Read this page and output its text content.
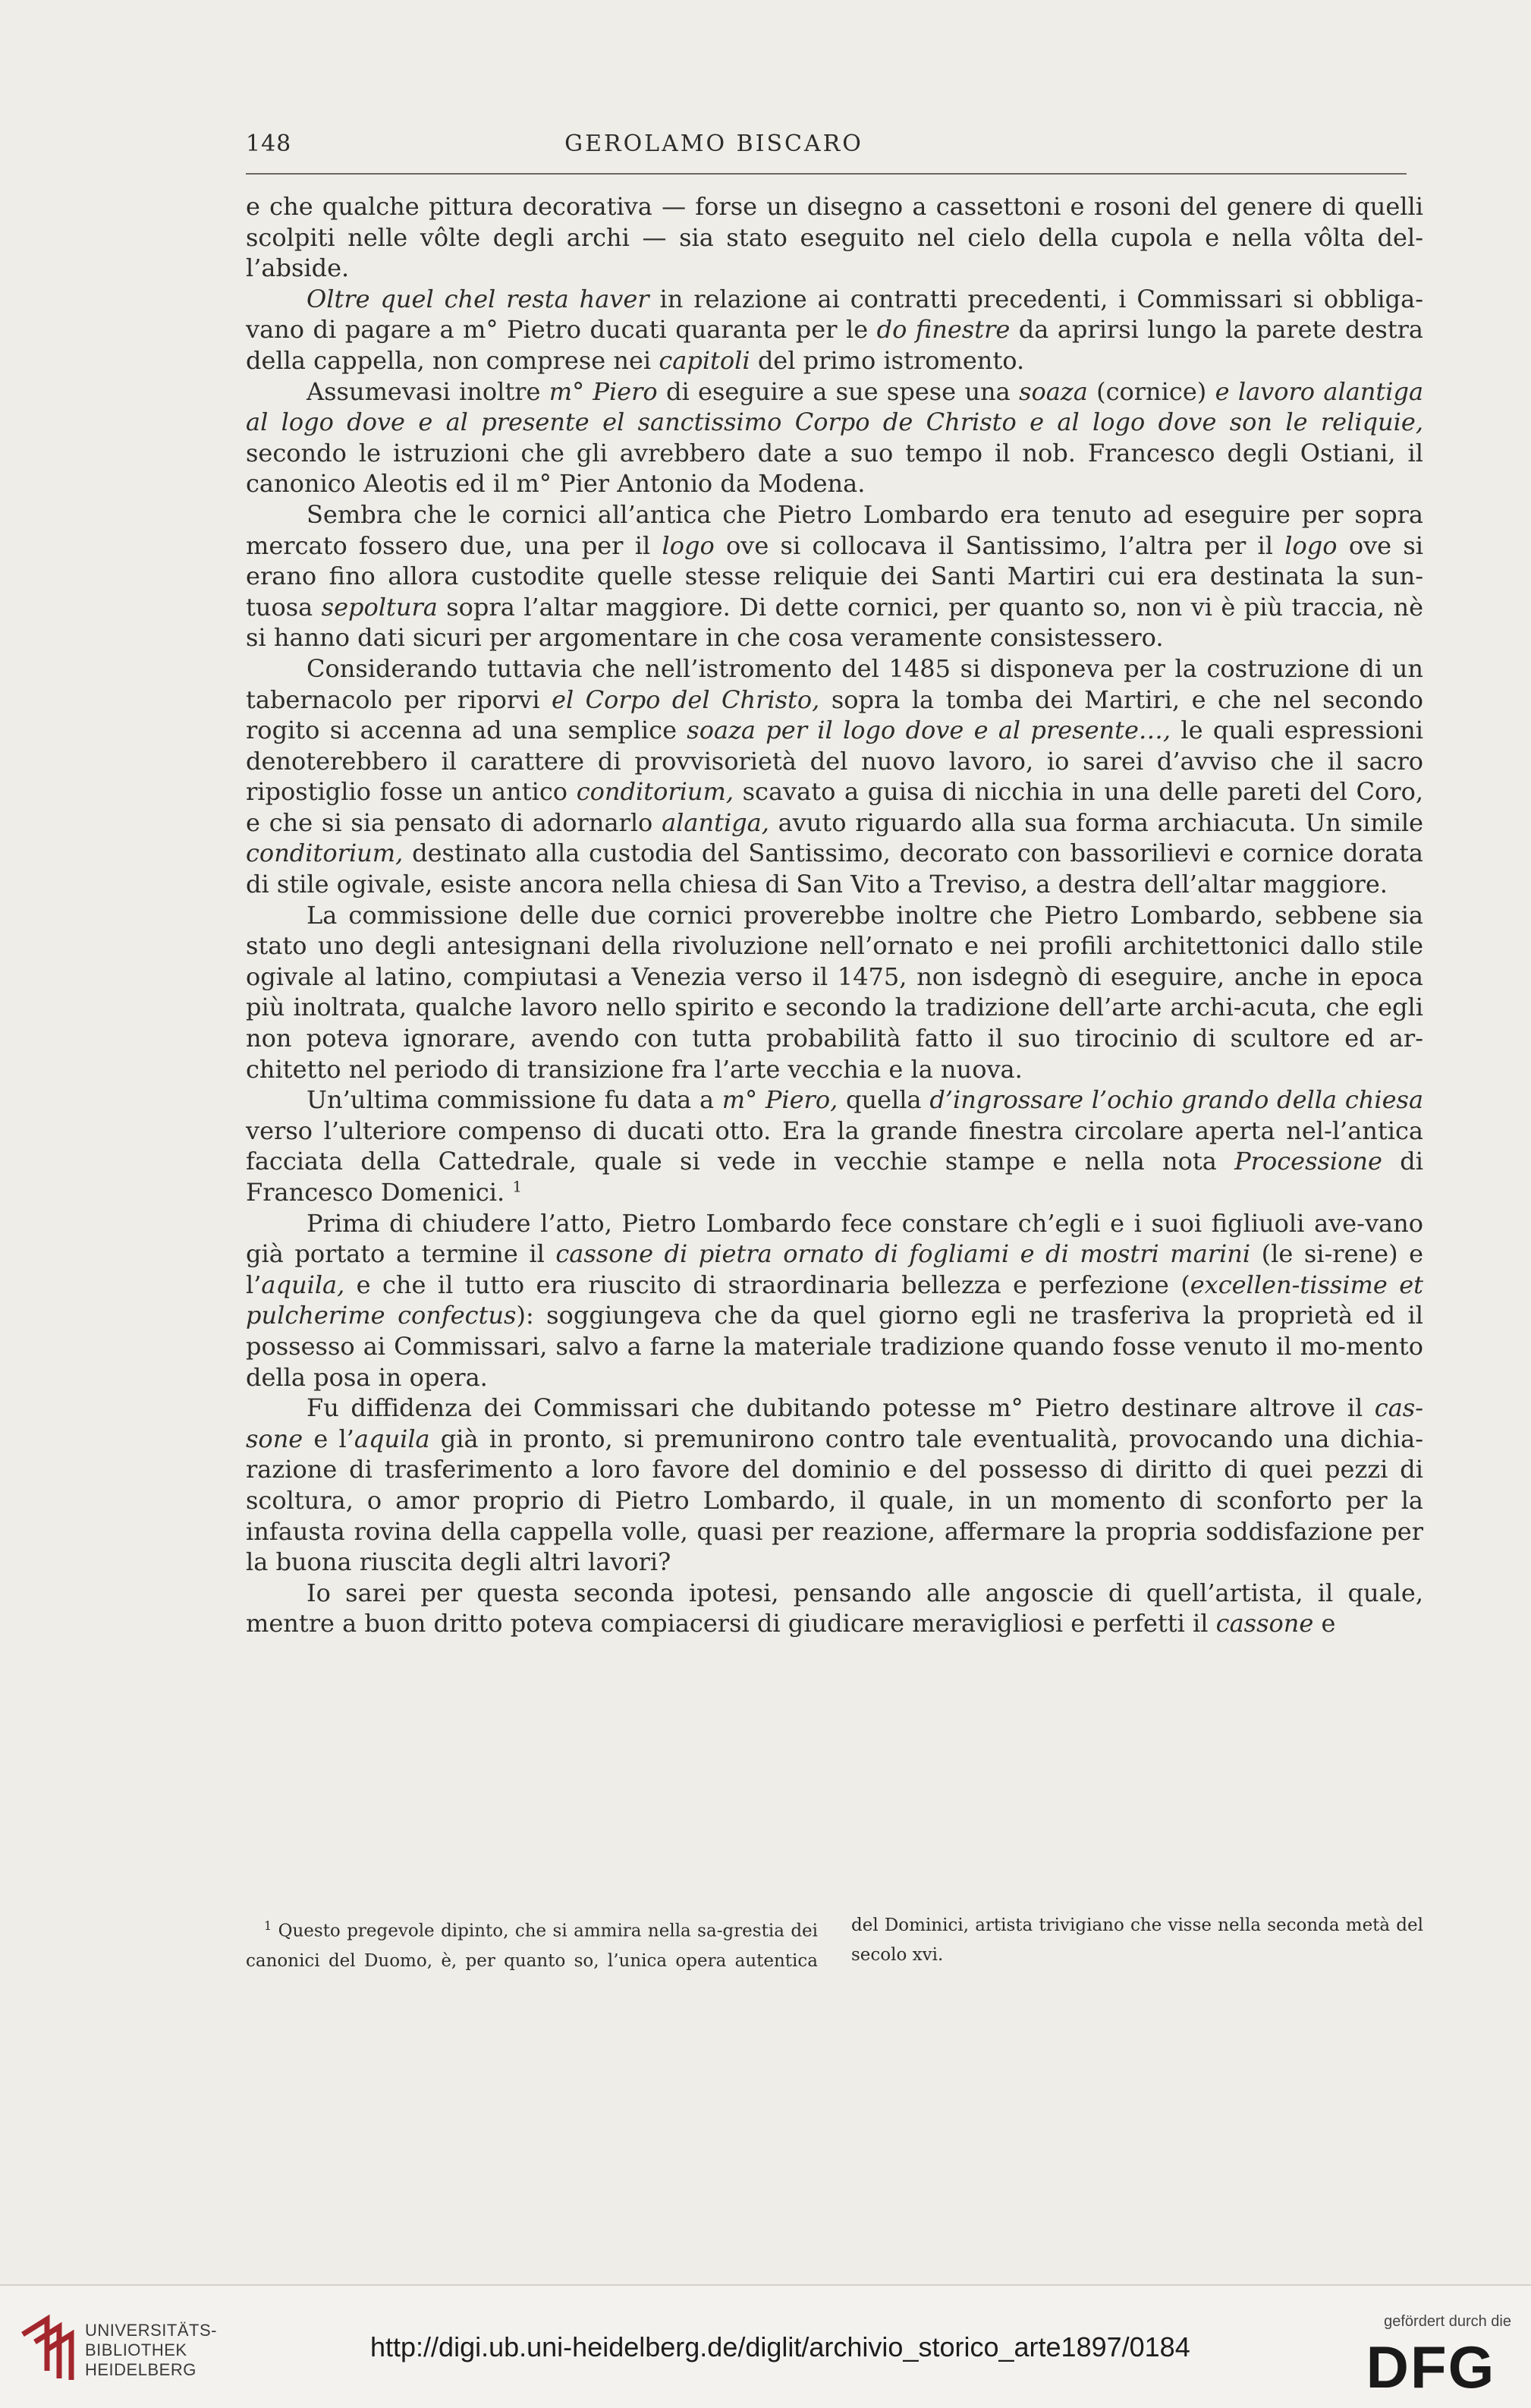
148	GEROLAMO BISCARO

e che qualche pittura decorativa — forse un disegno a cassettoni e rosoni del genere di quelli scolpiti nelle vôlte degli archi — sia stato eseguito nel cielo della cupola e nella vôlta del-l’abside.

Oltre quel chel resta haver in relazione ai contratti precedenti, i Commissari si obbliga-vano di pagare a m° Pietro ducati quaranta per le do finestre da aprirsi lungo la parete destra della cappella, non comprese nei capitoli del primo istromento.

Assumevasi inoltre m° Piero di eseguire a sue spese una soaza (cornice) e lavoro alantiga al logo dove e al presente el sanctissimo Corpo de Christo e al logo dove son le reliquie, secondo le istruzioni che gli avrebbero date a suo tempo il nob. Francesco degli Ostiani, il canonico Aleotis ed il m° Pier Antonio da Modena.

Sembra che le cornici all’antica che Pietro Lombardo era tenuto ad eseguire per sopra mercato fossero due, una per il logo ove si collocava il Santissimo, l’altra per il logo ove si erano fino allora custodite quelle stesse reliquie dei Santi Martiri cui era destinata la sun-tuosa sepoltura sopra l’altar maggiore. Di dette cornici, per quanto so, non vi è più traccia, nè si hanno dati sicuri per argomentare in che cosa veramente consistessero.

Considerando tuttavia che nell’istromento del 1485 si disponeva per la costruzione di un tabernacolo per riporvi el Corpo del Christo, sopra la tomba dei Martiri, e che nel secondo rogito si accenna ad una semplice soaza per il logo dove e al presente…, le quali espressioni denoterebbero il carattere di provvisorietà del nuovo lavoro, io sarei d’avviso che il sacro ripostiglio fosse un antico conditorium, scavato a guisa di nicchia in una delle pareti del Coro, e che si sia pensato di adornarlo alantiga, avuto riguardo alla sua forma archiacuta. Un simile conditorium, destinato alla custodia del Santissimo, decorato con bassorilievi e cornice dorata di stile ogivale, esiste ancora nella chiesa di San Vito a Treviso, a destra dell’altar maggiore.

La commissione delle due cornici proverebbe inoltre che Pietro Lombardo, sebbene sia stato uno degli antesignani della rivoluzione nell’ornato e nei profili architettonici dallo stile ogivale al latino, compiutasi a Venezia verso il 1475, non isdegnò di eseguire, anche in epoca più inoltrata, qualche lavoro nello spirito e secondo la tradizione dell’arte archi-acuta, che egli non poteva ignorare, avendo con tutta probabilità fatto il suo tirocinio di scultore ed ar-chitetto nel periodo di transizione fra l’arte vecchia e la nuova.

Un’ultima commissione fu data a m° Piero, quella d’ingrossare l’ochio grando della chiesa verso l’ulteriore compenso di ducati otto. Era la grande finestra circolare aperta nel-l’antica facciata della Cattedrale, quale si vede in vecchie stampe e nella nota Processione di Francesco Domenici. $^1$

Prima di chiudere l’atto, Pietro Lombardo fece constare ch’egli e i suoi figliuoli ave-vano già portato a termine il cassone di pietra ornato di fogliami e di mostri marini (le si-rene) e l’aquila, e che il tutto era riuscito di straordinaria bellezza e perfezione (excellen-tissime et pulcherime confectus): soggiungeva che da quel giorno egli ne trasferiva la proprietà ed il possesso ai Commissari, salvo a farne la materiale tradizione quando fosse venuto il mo-mento della posa in opera.

Fu diffidenza dei Commissari che dubitando potesse m° Pietro destinare altrove il cas-sone e l’aquila già in pronto, si premunirono contro tale eventualità, provocando una dichia-razione di trasferimento a loro favore del dominio e del possesso di diritto di quei pezzi di scoltura, o amor proprio di Pietro Lombardo, il quale, in un momento di sconforto per la infausta rovina della cappella volle, quasi per reazione, affermare la propria soddisfazione per la buona riuscita degli altri lavori?

Io sarei per questa seconda ipotesi, pensando alle angoscie di quell’artista, il quale, mentre a buon dritto poteva compiacersi di giudicare meravigliosi e perfetti il cassone e

$^1$ Questo pregevole dipinto, che si ammira nella sa-grestia dei canonici del Duomo, è, per quanto so, l’unica opera autentica del Dominici, artista trivigiano che visse nella seconda metà del secolo xvi.

UNIVERSITÄTS-
BIBLIOTHEK
HEIDELBERG
http://digi.ub.uni-heidelberg.de/diglit/archivio_storico_arte1897/0184
gefördert durch die
DFG
